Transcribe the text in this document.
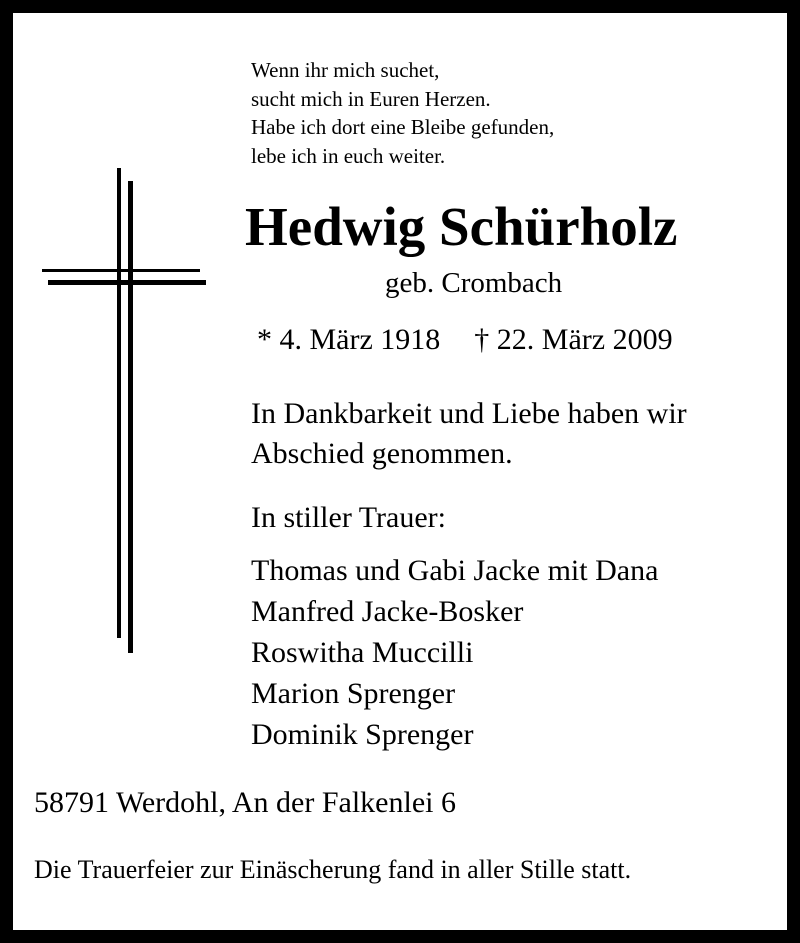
Wenn ihr mich suchet,
sucht mich in Euren Herzen.
Habe ich dort eine Bleibe gefunden,
lebe ich in euch weiter.
Hedwig Schürholz
geb. Crombach
* 4. März 1918 † 22. März 2009
In Dankbarkeit und Liebe haben wir
Abschied genommen.
In stiller Trauer:
Thomas und Gabi Jacke mit Dana
Manfred Jacke-Bosker
Roswitha Muccilli
Marion Sprenger
Dominik Sprenger
58791 Werdohl, An der Falkenlei 6
Die Trauerfeier zur Einäscherung fand in aller Stille statt.
